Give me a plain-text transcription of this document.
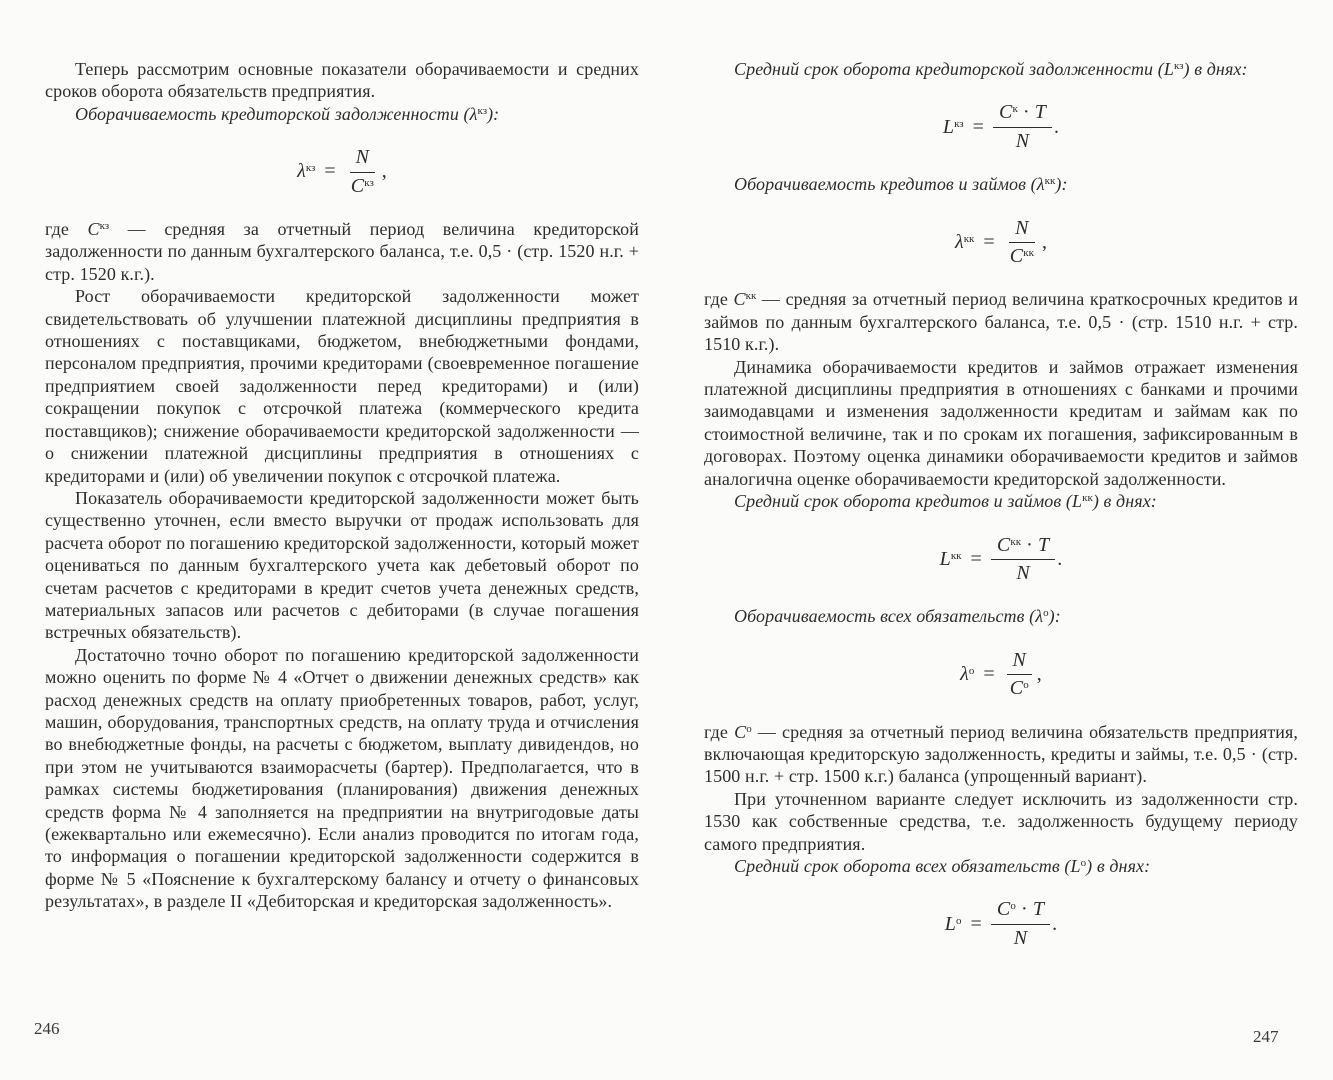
Теперь рассмотрим основные показатели оборачиваемости и средних сроков оборота обязательств предприятия.

Оборачиваемость кредиторской задолженности $(\lambda^{кз})$:

$\lambda^{кз} = \frac{N}{C^{кз}}$ ,

где $С^{кз}$ — средняя за отчетный период величина кредиторской задолженности по данным бухгалтерского баланса, т.е. 0,5 · (стр. 1520 н.г. + стр. 1520 к.г.).

Рост оборачиваемости кредиторской задолженности может свидетельствовать об улучшении платежной дисциплины предприятия в отношениях с поставщиками, бюджетом, внебюджетными фондами, персоналом предприятия, прочими кредиторами (своевременное погашение предприятием своей задолженности перед кредиторами) и (или) сокращении покупок с отсрочкой платежа (коммерческого кредита поставщиков); снижение оборачиваемости кредиторской задолженности — о снижении платежной дисциплины предприятия в отношениях с кредиторами и (или) об увеличении покупок с отсрочкой платежа.

Показатель оборачиваемости кредиторской задолженности может быть существенно уточнен, если вместо выручки от продаж использовать для расчета оборот по погашению кредиторской задолженности, который может оцениваться по данным бухгалтерского учета как дебетовый оборот по счетам расчетов с кредиторами в кредит счетов учета денежных средств, материальных запасов или расчетов с дебиторами (в случае погашения встречных обязательств).

Достаточно точно оборот по погашению кредиторской задолженности можно оценить по форме № 4 «Отчет о движении денежных средств» как расход денежных средств на оплату приобретенных товаров, работ, услуг, машин, оборудования, транспортных средств, на оплату труда и отчисления во внебюджетные фонды, на расчеты с бюджетом, выплату дивидендов, но при этом не учитываются взаиморасчеты (бартер). Предполагается, что в рамках системы бюджетирования (планирования) движения денежных средств форма № 4 заполняется на предприятии на внутригодовые даты (ежеквартально или ежемесячно). Если анализ проводится по итогам года, то информация о погашении кредиторской задолженности содержится в форме № 5 «Пояснение к бухгалтерскому балансу и отчету о финансовых результатах», в разделе II «Дебиторская и кредиторская задолженность».

Средний срок оборота кредиторской задолженности $(L^{кз})$ в днях:

$L^{кз} = \frac{C^к \cdot T}{N}$ .

Оборачиваемость кредитов и займов $(\lambda^{кк})$:

$\lambda^{кк} = \frac{N}{C^{кк}}$ ,

где $С^{кк}$ — средняя за отчетный период величина краткосрочных кредитов и займов по данным бухгалтерского баланса, т.е. 0,5 · (стр. 1510 н.г. + стр. 1510 к.г.).

Динамика оборачиваемости кредитов и займов отражает изменения платежной дисциплины предприятия в отношениях с банками и прочими заимодавцами и изменения задолженности кредитам и займам как по стоимостной величине, так и по срокам их погашения, зафиксированным в договорах. Поэтому оценка динамики оборачиваемости кредитов и займов аналогична оценке оборачиваемости кредиторской задолженности.

Средний срок оборота кредитов и займов $(L^{кк})$ в днях:

$L^{кк} = \frac{C^{кк} \cdot T}{N}$ .

Оборачиваемость всех обязательств $(\lambda^о)$:

$\lambda^о = \frac{N}{C^о}$ ,

где $С^о$ — средняя за отчетный период величина обязательств предприятия, включающая кредиторскую задолженность, кредиты и займы, т.е. 0,5 · (стр. 1500 н.г. + стр. 1500 к.г.) баланса (упрощенный вариант).

При уточненном варианте следует исключить из задолженности стр. 1530 как собственные средства, т.е. задолженность будущему периоду самого предприятия.

Средний срок оборота всех обязательств $(L^о)$ в днях:

$L^о = \frac{C^о \cdot T}{N}$ .
246	247
